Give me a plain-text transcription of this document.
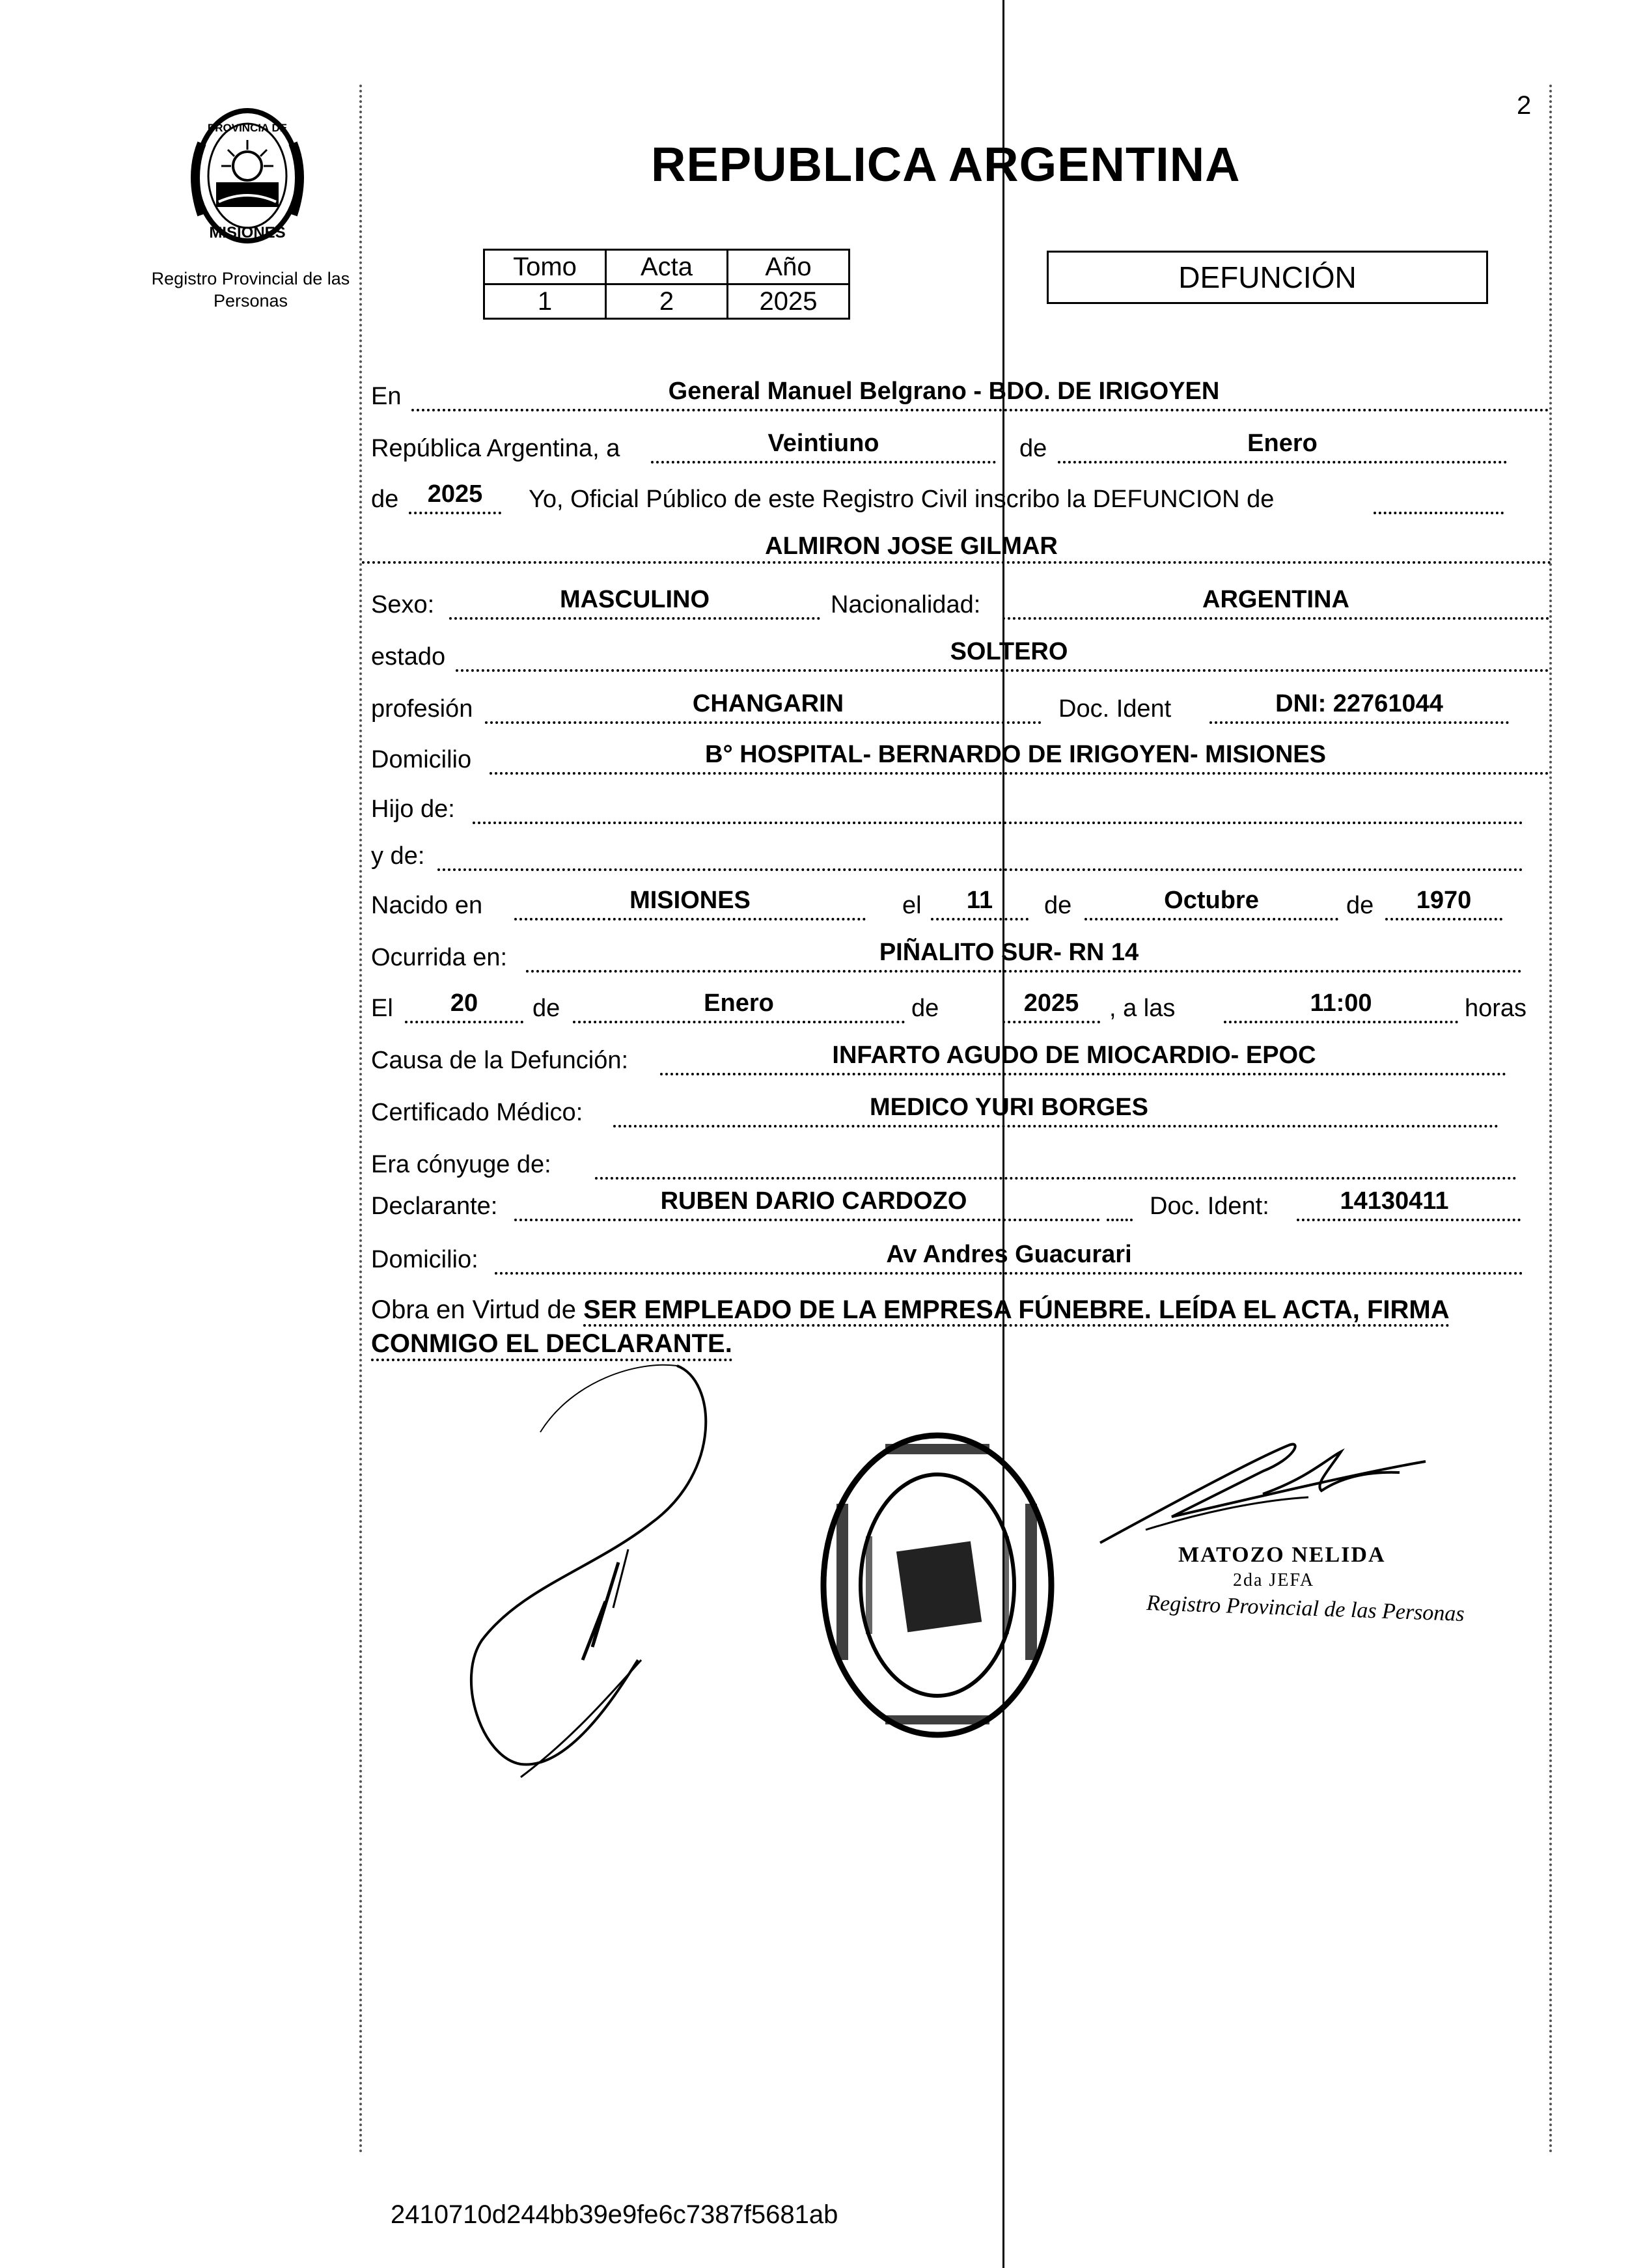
PROVINCIA DE
MISIONES
Registro Provincial de las Personas
2
REPUBLICA ARGENTINA
Tomo	Acta	Año
1	2	2025
DEFUNCIÓN
En	General Manuel Belgrano - BDO. DE IRIGOYEN
República Argentina, a	Veintiuno	de	Enero
de	2025	Yo, Oficial Público de este Registro Civil inscribo la DEFUNCION de
ALMIRON JOSE GILMAR
Sexo:	MASCULINO	Nacionalidad:	ARGENTINA
estado	SOLTERO
profesión	CHANGARIN	Doc. Ident	DNI: 22761044
Domicilio	B° HOSPITAL- BERNARDO DE IRIGOYEN- MISIONES
Hijo de:
y de:
Nacido en	MISIONES	el	11	de	Octubre	de	1970
Ocurrida en:	PIÑALITO SUR- RN 14
El	20	de	Enero	de	2025	, a las	11:00	horas
Causa de la Defunción:	INFARTO AGUDO DE MIOCARDIO- EPOC
Certificado Médico:	MEDICO YURI BORGES
Era cónyuge de:
Declarante:	RUBEN DARIO CARDOZO	Doc. Ident:	14130411
Domicilio:	Av Andres Guacurari
Obra en Virtud de SER EMPLEADO DE LA EMPRESA FÚNEBRE. LEÍDA EL ACTA, FIRMA
CONMIGO EL DECLARANTE.
MATOZO NELIDA
2da JEFA
Registro Provincial de las Personas
2410710d244bb39e9fe6c7387f5681ab
